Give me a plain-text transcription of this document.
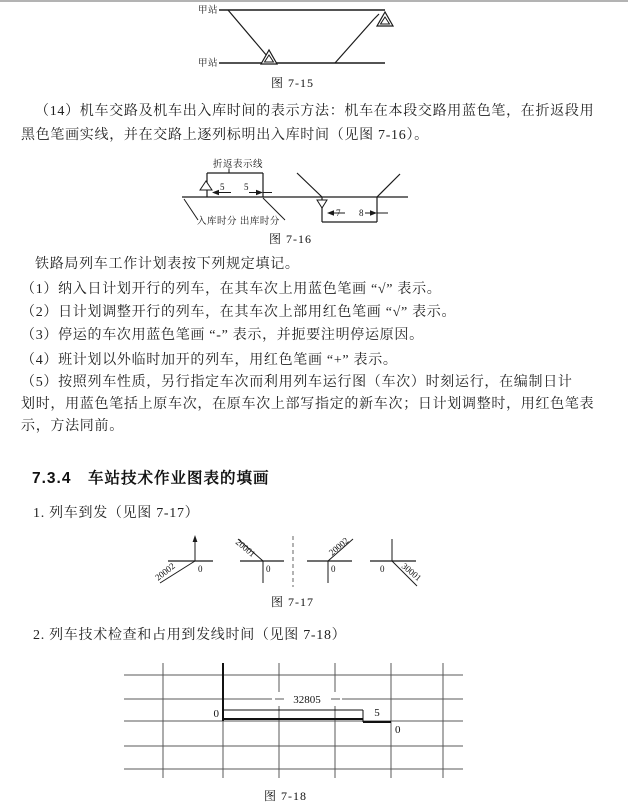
甲站
甲站
图 7-15
（14）机车交路及机车出入库时间的表示方法：机车在本段交路用蓝色笔，在折返段用
黑色笔画实线，并在交路上逐列标明出入库时间（见图 7-16）。
折返表示线
5 5
入库时分 出库时分
7 8
图 7-16
铁路局列车工作计划表按下列规定填记。
（1）纳入日计划开行的列车，在其车次上用蓝色笔画 “√” 表示。
（2）日计划调整开行的列车，在其车次上部用红色笔画 “√” 表示。
（3）停运的车次用蓝色笔画 “-” 表示，并扼要注明停运原因。
（4）班计划以外临时加开的列车，用红色笔画 “+” 表示。
（5）按照列车性质，另行指定车次而利用列车运行图（车次）时刻运行，在编制日计
划时，用蓝色笔括上原车次，在原车次上部写指定的新车次；日计划调整时，用红色笔表
示，方法同前。
7.3.4　车站技术作业图表的填画
1. 列车到发（见图 7-17）
20002 0
20001
0
20002
0	30001
0
图 7-17
2. 列车技术检查和占用到发线时间（见图 7-18）
32805
0	5
0
图 7-18
